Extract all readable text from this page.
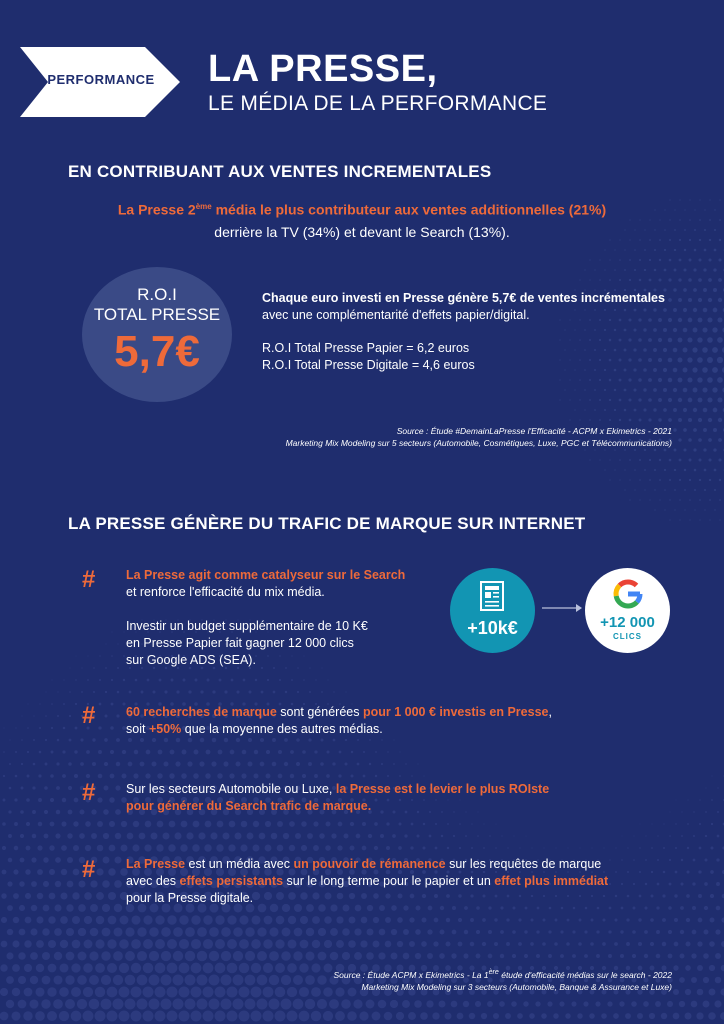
PERFORMANCE LA PRESSE,
LE MÉDIA DE LA PERFORMANCE
EN CONTRIBUANT AUX VENTES INCREMENTALES
La Presse 2ème média le plus contributeur aux ventes additionnelles (21%)
derrière la TV (34%) et devant le Search (13%).
R.O.I
TOTAL PRESSE
5,7€
Chaque euro investi en Presse génère 5,7€ de ventes incrémentales
avec une complémentarité d'effets papier/digital.
R.O.I Total Presse Papier = 6,2 euros
R.O.I Total Presse Digitale = 4,6 euros
Source : Étude #DemainLaPresse l'Efficacité - ACPM x Ekimetrics - 2021
Marketing Mix Modeling sur 5 secteurs (Automobile, Cosmétiques, Luxe, PGC et Télécommunications)
LA PRESSE GÉNÈRE DU TRAFIC DE MARQUE SUR INTERNET
# La Presse agit comme catalyseur sur le Search
et renforce l'efficacité du mix média.
Investir un budget supplémentaire de 10 K€
en Presse Papier fait gagner 12 000 clics
sur Google ADS (SEA).
+10k€	+12 000
CLICS
# 60 recherches de marque sont générées pour 1 000 € investis en Presse,
soit +50% que la moyenne des autres médias.
# Sur les secteurs Automobile ou Luxe, la Presse est le levier le plus ROIste
pour générer du Search trafic de marque.
# La Presse est un média avec un pouvoir de rémanence sur les requêtes de marque
avec des effets persistants sur le long terme pour le papier et un effet plus immédiat
pour la Presse digitale.
Source : Étude ACPM x Ekimetrics - La 1ère étude d'efficacité médias sur le search - 2022
Marketing Mix Modeling sur 3 secteurs (Automobile, Banque & Assurance et Luxe)
